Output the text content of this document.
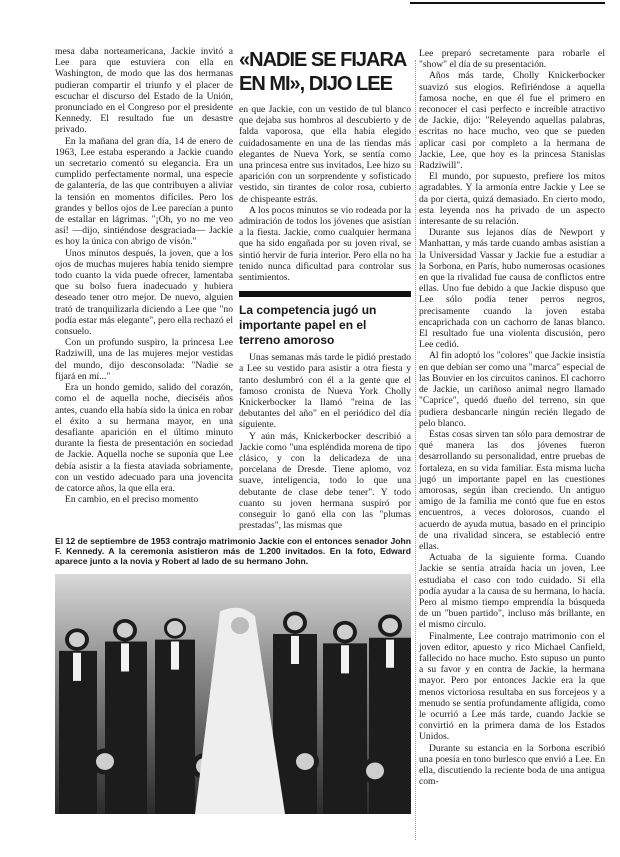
mesa daba norteamericana, Jackie invitó a Lee para que estuviera con ella en Washington, de modo que las dos hermanas pudieran compartir el triunfo y el placer de escuchar el discurso del Estado de la Unión, pronunciado en el Congreso por el presidente Kennedy. El resultado fue un desastre privado.

En la mañana del gran día, 14 de enero de 1963, Lee estaba esperando a Jackie cuando un secretario comentó su elegancia. Era un cumplido perfectamente normal, una especie de galantería, de las que contribuyen a aliviar la tensión en momentos difíciles. Pero los grandes y bellos ojos de Lee parecían a punto de estallar en lágrimas. "¡Oh, yo no me veo así! —dijo, sintiéndose desgraciada— Jackie es hoy la única con abrigo de visón."

Unos minutos después, la joven, que a los ojos de muchas mujeres había tenido siempre todo cuanto la vida puede ofrecer, lamentaba que su bolso fuera inadecuado y hubiera deseado tener otro mejor. De nuevo, alguien trató de tranquilizarla diciendo a Lee que "no podía estar más elegante", pero ella rechazó el consuelo.

Con un profundo suspiro, la princesa Lee Radziwill, una de las mujeres mejor vestidas del mundo, dijo desconsolada: "Nadie se fijará en mí..."

Era un hondo gemido, salido del corazón, como el de aquella noche, dieciséis años antes, cuando ella había sido la única en robar el éxito a su hermana mayor, en una desafiante aparición en el último minuto durante la fiesta de presentación en sociedad de Jackie. Aquella noche se suponía que Lee debía asistir a la fiesta ataviada sobriamente, con un vestido adecuado para una jovencita de catorce años, la que ella era.

En cambio, en el preciso momento

«NADIE SE FIJARA EN MI», DIJO LEE

en que Jackie, con un vestido de tul blanco que dejaba sus hombros al descubierto y de falda vaporosa, que ella había elegido cuidadosamente en una de las tiendas más elegantes de Nueva York, se sentía como una princesa entre sus invitados, Lee hizo su aparición con un sorprendente y sofisticado vestido, sin tirantes de color rosa, cubierto de chispeante estrás.

A los pocos minutos se vio rodeada por la admiración de todos los jóvenes que asistían a la fiesta. Jackie, como cualquier hermana que ha sido engañada por su joven rival, se sintió hervir de furia interior. Pero ella no ha tenido nunca dificultad para controlar sus sentimientos.

La competencia jugó un importante papel en el terreno amoroso

Unas semanas más tarde le pidió prestado a Lee su vestido para asistir a otra fiesta y tanto deslumbró con él a la gente que el famoso cronista de Nueva York Cholly Knickerbocker la llamó "reina de las debutantes del año" en el periódico del día siguiente.

Y aún más, Knickerbocker describió a Jackie como "una espléndida morena de tipo clásico, y con la delicadeza de una porcelana de Dresde. Tiene aplomo, voz suave, inteligencia, todo lo que una debutante de clase debe tener". Y todo cuanto su joven hermana suspiró por conseguir lo ganó ella con las "plumas prestadas", las mismas que

El 12 de septiembre de 1953 contrajo matrimonio Jackie con el entonces senador John F. Kennedy. A la ceremonia asistieron más de 1.200 invitados. En la foto, Edward aparece junto a la novia y Robert al lado de su hermano John.

Lee preparó secretamente para robarle el "show" el día de su presentación.

Años más tarde, Cholly Knickerbocker suavizó sus elogios. Refiriéndose a aquella famosa noche, en que él fue el primero en reconocer el casi perfecto e increíble atractivo de Jackie, dijo: "Releyendo aquellas palabras, escritas no hace mucho, veo que se pueden aplicar casi por completo a la hermana de Jackie, Lee, que hoy es la princesa Stanislas Radziwill".

El mundo, por supuesto, prefiere los mitos agradables. Y la armonía entre Jackie y Lee se da por cierta, quizá demasiado. En cierto modo, esta leyenda nos ha privado de un aspecto interesante de su relación.

Durante sus lejanos días de Newport y Manhattan, y más tarde cuando ambas asistían a la Universidad Vassar y Jackie fue a estudiar a la Sorbona, en París, hubo numerosas ocasiones en que la rivalidad fue causa de conflictos entre ellas. Uno fue debido a que Jackie dispuso que Lee sólo podía tener perros negros, precisamente cuando la joven estaba encaprichada con un cachorro de lanas blanco. El resultado fue una violenta discusión, pero Lee cedió.

Al fin adoptó los "colores" que Jackie insistía en que debían ser como una "marca" especial de las Bouvier en los circuitos caninos. El cachorro de Jackie, un cariñoso animal negro llamado "Caprice", quedó dueño del terreno, sin que pudiera desbancarle ningún recién llegado de pelo blanco.

Estas cosas sirven tan sólo para demostrar de qué manera las dos jóvenes fueron desarrollando su personalidad, entre pruebas de fortaleza, en su vida familiar. Esta misma lucha jugó un importante papel en las cuestiones amorosas, según iban creciendo. Un antiguo amigo de la familia me contó que fue en estos encuentros, a veces dolorosos, cuando el acuerdo de ayuda mutua, basado en el principio de una rivalidad sincera, se estableció entre ellas.

Actuaba de la siguiente forma. Cuando Jackie se sentía atraída hacia un joven, Lee estudiaba el caso con todo cuidado. Si ella podía ayudar a la causa de su hermana, lo hacía. Pero al mismo tiempo emprendía la búsqueda de un "buen partido", incluso más brillante, en el mismo círculo.

Finalmente, Lee contrajo matrimonio con el joven editor, apuesto y rico Michael Canfield, fallecido no hace mucho. Esto supuso un punto a su favor y en contra de Jackie, la hermana mayor. Pero por entonces Jackie era la que menos victoriosa resultaba en sus forcejeos y a menudo se sentía profundamente afligida, como le ocurrió a Lee más tarde, cuando Jackie se convirtió en la primera dama de los Estados Unidos.

Durante su estancia en la Sorbona escribió una poesía en tono burlesco que envió a Lee. En ella, discutiendo la reciente boda de una antigua com-
